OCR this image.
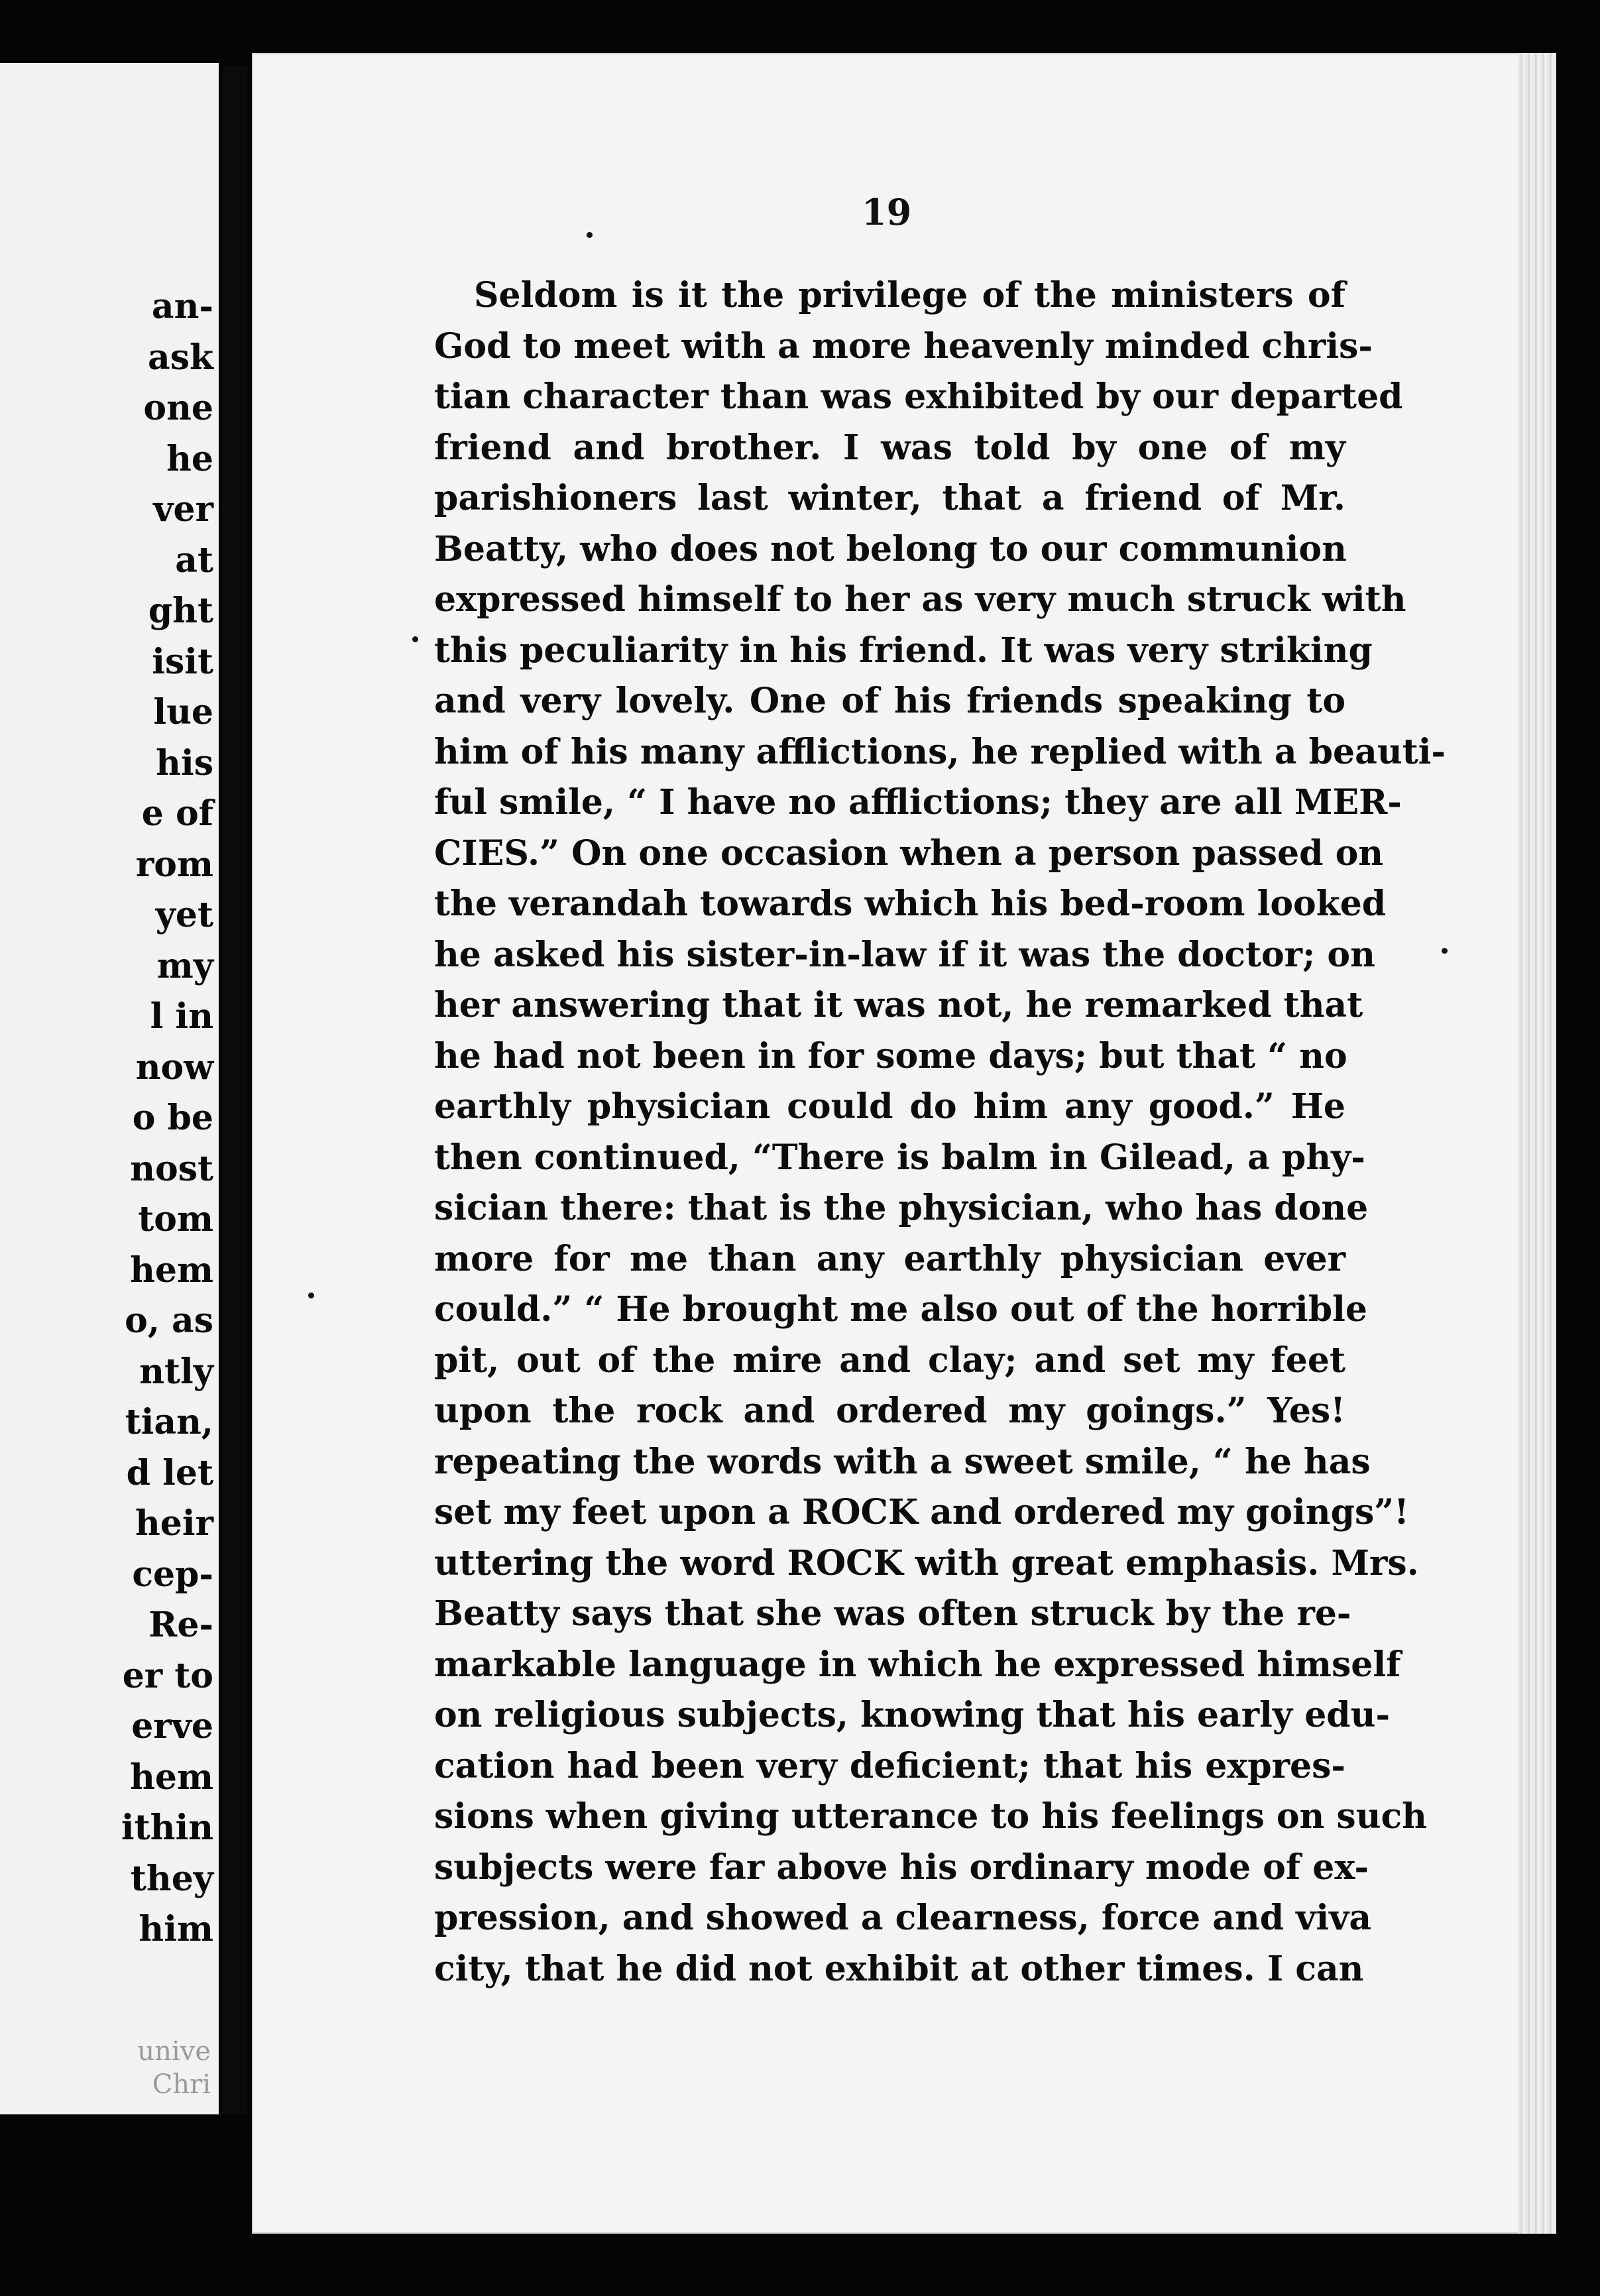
an-
ask
one
he
ver
at
ght
isit
lue
his
e of
rom
yet
my
l in
now
o be
nost
tom
hem
o, as
ntly
tian,
d let
heir
cep-
Re-
er to
erve
hem
ithin
they
him
unive
Chri
19
Seldom is it the privilege of the ministers of
God to meet with a more heavenly minded chris-
tian character than was exhibited by our departed
friend and brother. I was told by one of my
parishioners last winter, that a friend of Mr.
Beatty, who does not belong to our communion
expressed himself to her as very much struck with
this peculiarity in his friend. It was very striking
and very lovely. One of his friends speaking to
him of his many afflictions, he replied with a beauti-
ful smile, “ I have no afflictions; they are all MER-
CIES.” On one occasion when a person passed on
the verandah towards which his bed-room looked
he asked his sister-in-law if it was the doctor; on
her answering that it was not, he remarked that
he had not been in for some days; but that “ no
earthly physician could do him any good.” He
then continued, “There is balm in Gilead, a phy-
sician there: that is the physician, who has done
more for me than any earthly physician ever
could.” “ He brought me also out of the horrible
pit, out of the mire and clay; and set my feet
upon the rock and ordered my goings.” Yes!
repeating the words with a sweet smile, “ he has
set my feet upon a ROCK and ordered my goings”!
uttering the word ROCK with great emphasis. Mrs.
Beatty says that she was often struck by the re-
markable language in which he expressed himself
on religious subjects, knowing that his early edu-
cation had been very deficient; that his expres-
sions when giving utterance to his feelings on such
subjects were far above his ordinary mode of ex-
pression, and showed a clearness, force and viva
city, that he did not exhibit at other times. I can
